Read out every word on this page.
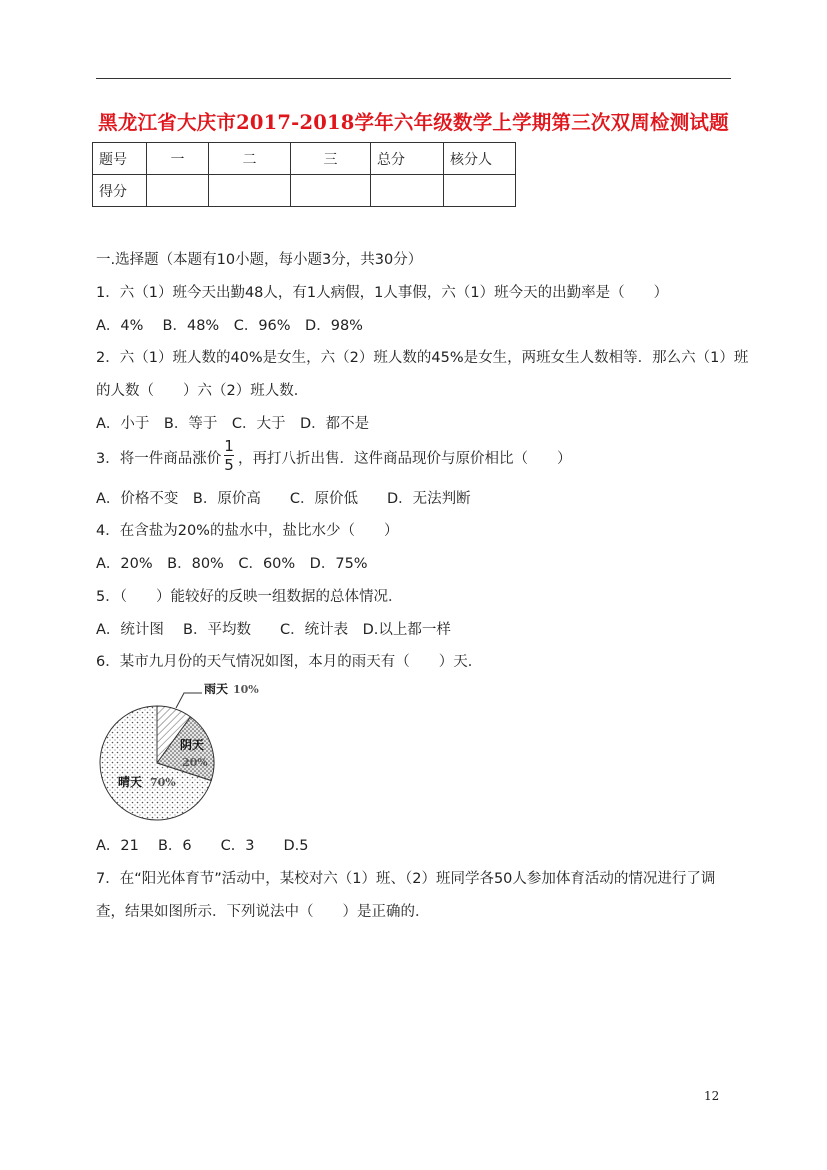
黑龙江省大庆市2017-2018学年六年级数学上学期第三次双周检测试题
题号	一	二	三	总分	核分人
得分					
一.选择题（本题有10小题，每小题3分，共30分）
1．六（1）班今天出勤48人，有1人病假，1人事假，六（1）班今天的出勤率是（　　）
A．4%　 B．48%　C．96%　D．98%
2．六（1）班人数的40%是女生，六（2）班人数的45%是女生，两班女生人数相等．那么六（1）班
的人数（　　）六（2）班人数．
A．小于　B．等于　C．大于　D．都不是
3．将一件商品涨价
1
5 ，再打八折出售．这件商品现价与原价相比（　　）
A．价格不变　B．原价高　　C．原价低　　D．无法判断
4．在含盐为20%的盐水中，盐比水少（　　）
A．20%　B．80%　C．60%　D．75%
5．（　　）能较好的反映一组数据的总体情况．
A．统计图　 B．平均数　　C．统计表　D.以上都一样
6．某市九月份的天气情况如图，本月的雨天有（　　）天．
雨天 10%
阴天
20%
晴天 70%
A．21　 B．6　　C．3　　D.5
7．在“阳光体育节”活动中，某校对六（1）班、（2）班同学各50人参加体育活动的情况进行了调
查，结果如图所示．下列说法中（　　）是正确的．
12
